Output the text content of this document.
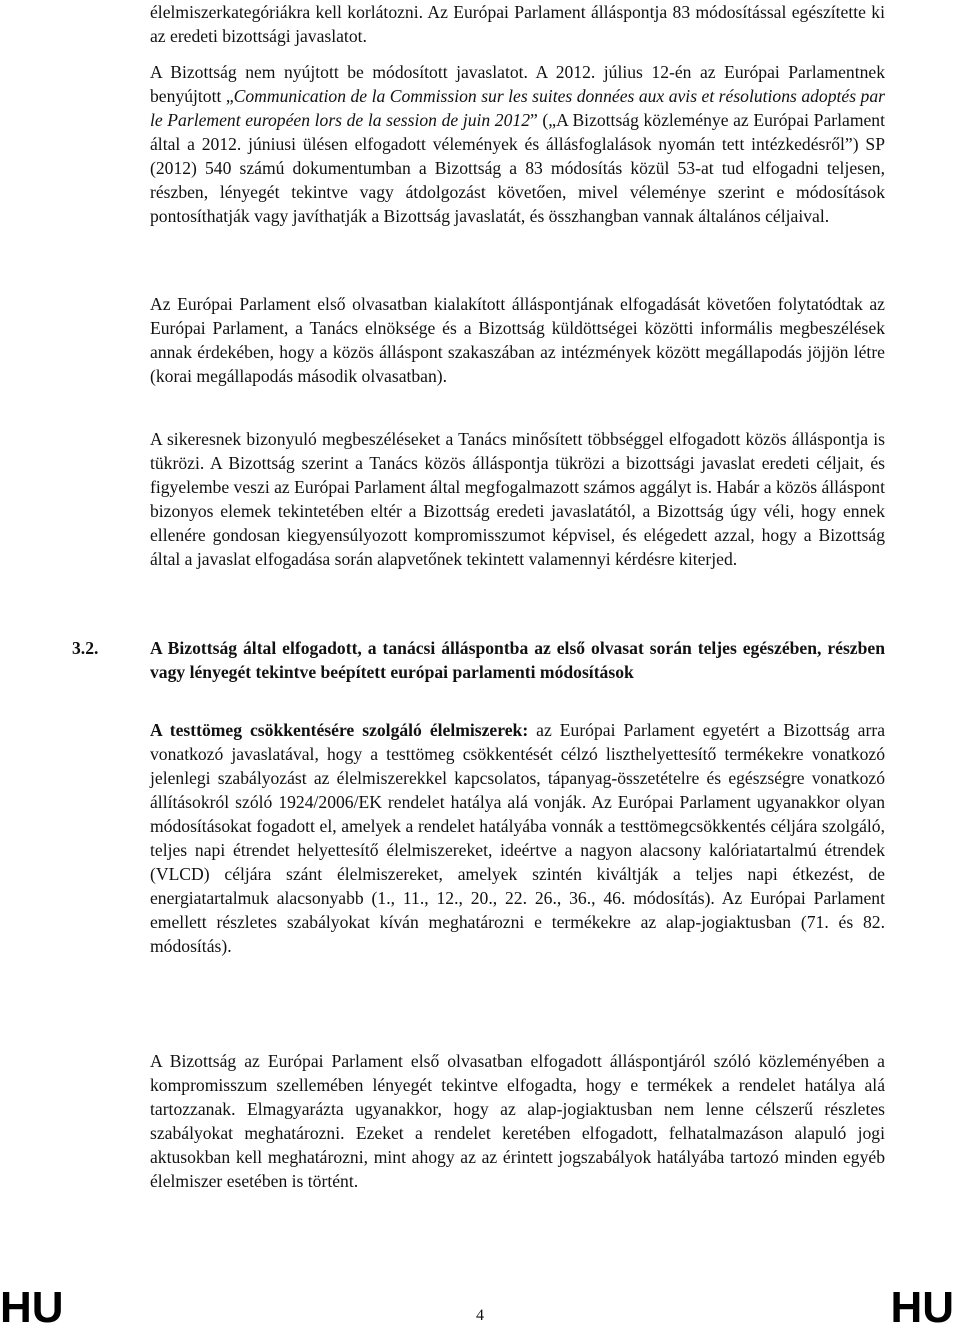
élelmiszerkategóriákra kell korlátozni. Az Európai Parlament álláspontja 83 módosítással egészítette ki az eredeti bizottsági javaslatot.

A Bizottság nem nyújtott be módosított javaslatot. A 2012. július 12-én az Európai Parlamentnek benyújtott „Communication de la Commission sur les suites données aux avis et résolutions adoptés par le Parlement européen lors de la session de juin 2012” („A Bizottság közleménye az Európai Parlament által a 2012. júniusi ülésen elfogadott vélemények és állásfoglalások nyomán tett intézkedésről”) SP (2012) 540 számú dokumentumban a Bizottság a 83 módosítás közül 53-at tud elfogadni teljesen, részben, lényegét tekintve vagy átdolgozást követően, mivel véleménye szerint e módosítások pontosíthatják vagy javíthatják a Bizottság javaslatát, és összhangban vannak általános céljaival.

Az Európai Parlament első olvasatban kialakított álláspontjának elfogadását követően folytatódtak az Európai Parlament, a Tanács elnöksége és a Bizottság küldöttségei közötti informális megbeszélések annak érdekében, hogy a közös álláspont szakaszában az intézmények között megállapodás jöjjön létre (korai megállapodás második olvasatban).

A sikeresnek bizonyuló megbeszéléseket a Tanács minősített többséggel elfogadott közös álláspontja is tükrözi. A Bizottság szerint a Tanács közös álláspontja tükrözi a bizottsági javaslat eredeti céljait, és figyelembe veszi az Európai Parlament által megfogalmazott számos aggályt is. Habár a közös álláspont bizonyos elemek tekintetében eltér a Bizottság eredeti javaslatától, a Bizottság úgy véli, hogy ennek ellenére gondosan kiegyensúlyozott kompromisszumot képvisel, és elégedett azzal, hogy a Bizottság által a javaslat elfogadása során alapvetőnek tekintett valamennyi kérdésre kiterjed.

3.2.	A Bizottság által elfogadott, a tanácsi álláspontba az első olvasat során teljes egészében, részben vagy lényegét tekintve beépített európai parlamenti módosítások

A testtömeg csökkentésére szolgáló élelmiszerek: az Európai Parlament egyetért a Bizottság arra vonatkozó javaslatával, hogy a testtömeg csökkentését célzó liszthelyettesítő termékekre vonatkozó jelenlegi szabályozást az élelmiszerekkel kapcsolatos, tápanyag-összetételre és egészségre vonatkozó állításokról szóló 1924/2006/EK rendelet hatálya alá vonják. Az Európai Parlament ugyanakkor olyan módosításokat fogadott el, amelyek a rendelet hatályába vonnák a testtömegcsökkentés céljára szolgáló, teljes napi étrendet helyettesítő élelmiszereket, ideértve a nagyon alacsony kalóriatartalmú étrendek (VLCD) céljára szánt élelmiszereket, amelyek szintén kiváltják a teljes napi étkezést, de energiatartalmuk alacsonyabb (1., 11., 12., 20., 22. 26., 36., 46. módosítás). Az Európai Parlament emellett részletes szabályokat kíván meghatározni e termékekre az alap-jogiaktusban (71. és 82. módosítás).

A Bizottság az Európai Parlament első olvasatban elfogadott álláspontjáról szóló közleményében a kompromisszum szellemében lényegét tekintve elfogadta, hogy e termékek a rendelet hatálya alá tartozzanak. Elmagyarázta ugyanakkor, hogy az alap-jogiaktusban nem lenne célszerű részletes szabályokat meghatározni. Ezeket a rendelet keretében elfogadott, felhatalmazáson alapuló jogi aktusokban kell meghatározni, mint ahogy az az érintett jogszabályok hatályába tartozó minden egyéb élelmiszer esetében is történt.

HU	4	HU
